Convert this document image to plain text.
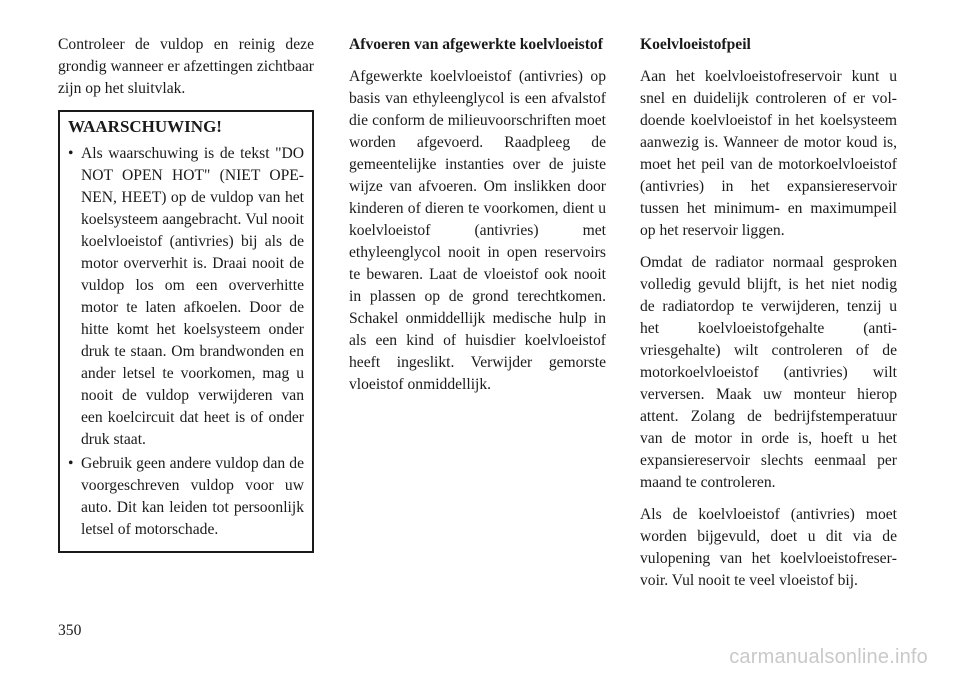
Controleer de vuldop en reinig deze grondig wanneer er afzettingen zichtbaar zijn op het sluitvlak.

WAARSCHUWING!
• Als waarschuwing is de tekst "DO NOT OPEN HOT" (NIET OPENEN, HEET) op de vuldop van het koelsysteem aangebracht. Vul nooit koelvloeistof (antivries) bij als de motor oververhit is. Draai nooit de vuldop los om een oververhitte motor te laten afkoelen. Door de hitte komt het koelsysteem onder druk te staan. Om brandwonden en ander letsel te voorkomen, mag u nooit de vuldop verwijderen van een koelcircuit dat heet is of onder druk staat.
• Gebruik geen andere vuldop dan de voorgeschreven vuldop voor uw auto. Dit kan leiden tot persoonlijk letsel of motorschade.
Afvoeren van afgewerkte koelvloeistof

Afgewerkte koelvloeistof (antivries) op basis van ethyleenglycol is een afvalstof die conform de milieuvoorschriften moet worden afgevoerd. Raadpleeg de gemeentelijke instanties over de juiste wijze van afvoeren. Om inslikken door kinderen of dieren te voorkomen, dient u koelvloeistof (antivries) met ethyleenglycol nooit in open reservoirs te bewaren. Laat de vloeistof ook nooit in plassen op de grond terechtkomen. Schakel onmiddellijk medische hulp in als een kind of huisdier koelvloeistof heeft ingeslikt. Verwijder gemorste vloeistof onmiddellijk.

Koelvloeistofpeil

Aan het koelvloeistofreservoir kunt u snel en duidelijk controleren of er voldoende koelvloeistof in het koelsysteem aanwezig is. Wanneer de motor koud is, moet het peil van de motorkoelvloeistof (antivries) in het expansiereservoir tussen het minimum- en maximumpeil op het reservoir liggen.

Omdat de radiator normaal gesproken volledig gevuld blijft, is het niet nodig de radiatordop te verwijderen, tenzij u het koelvloeistofgehalte (antivriesgehalte) wilt controleren of de motorkoelvloeistof (antivries) wilt verversen. Maak uw monteur hierop attent. Zolang de bedrijfstemperatuur van de motor in orde is, hoeft u het expansiereservoir slechts eenmaal per maand te controleren.

Als de koelvloeistof (antivries) moet worden bijgevuld, doet u dit via de vulopening van het koelvloeistofreservoir. Vul nooit te veel vloeistof bij.

350
carmanualsonline.info
